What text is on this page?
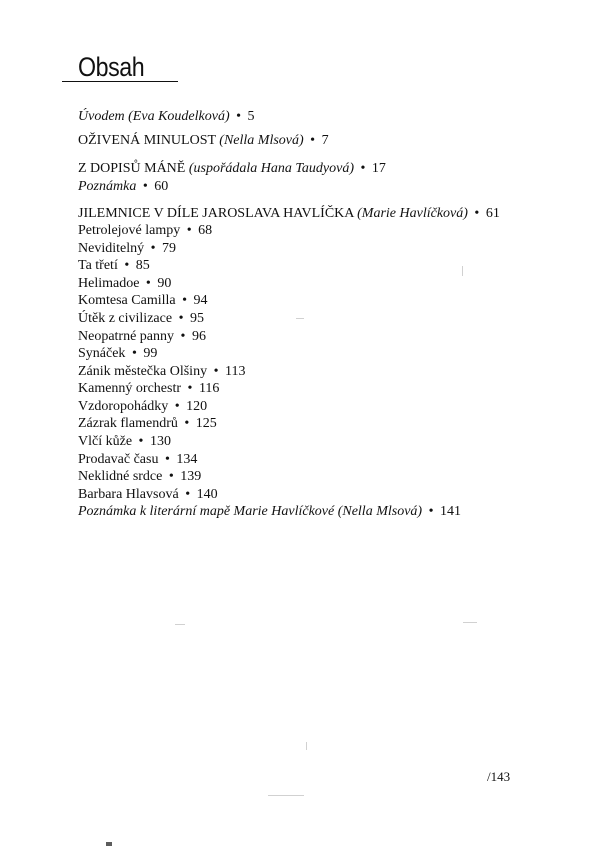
Obsah
Úvodem (Eva Koudelková) • 5
OŽIVENÁ MINULOST (Nella Mlsová) • 7
Z DOPISŮ MÁNĚ (uspořádala Hana Taudyová) • 17
Poznámka • 60
JILEMNICE V DÍLE JAROSLAVA HAVLÍČKA (Marie Havlíčková) • 61
Petrolejové lampy • 68
Neviditelný • 79
Ta třetí • 85
Helimadoe • 90
Komtesa Camilla • 94
Útěk z civilizace • 95
Neopatrné panny • 96
Synáček • 99
Zánik městečka Olšiny • 113
Kamenný orchestr • 116
Vzdoropohádky • 120
Zázrak flamendrů • 125
Vlčí kůže • 130
Prodavač času • 134
Neklidné srdce • 139
Barbara Hlavsová • 140
Poznámka k literární mapě Marie Havlíčkové (Nella Mlsová) • 141
/143
